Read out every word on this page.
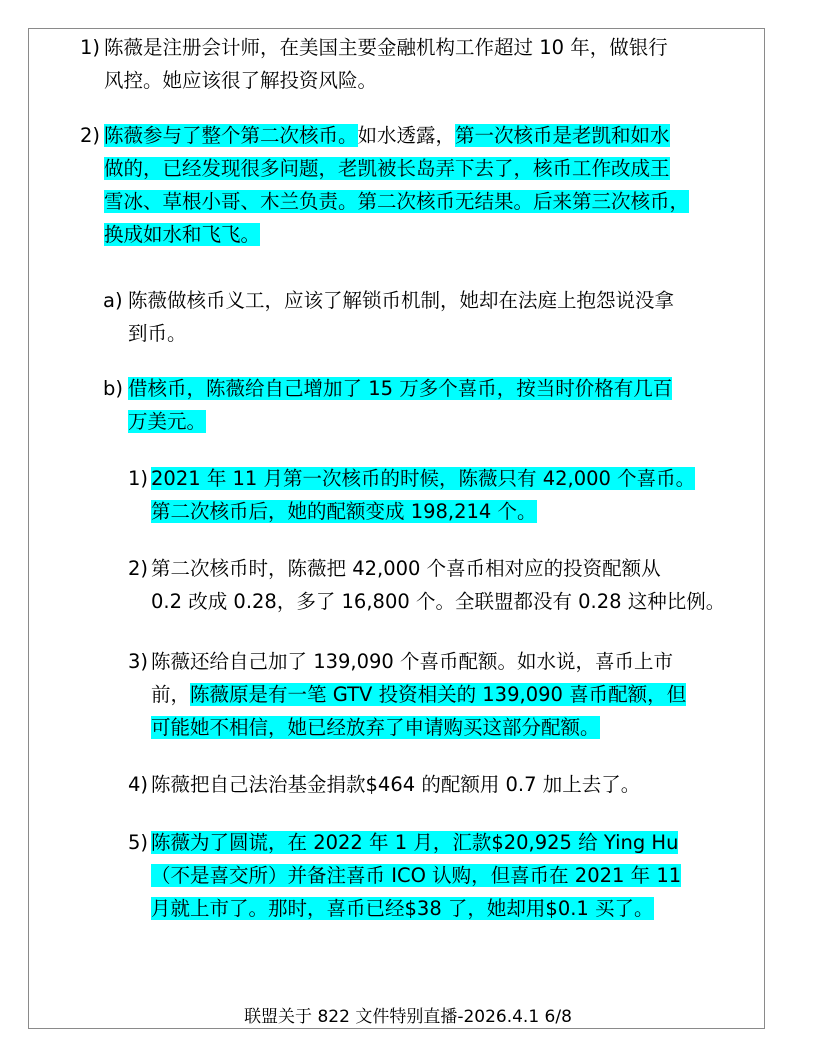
1) 陈薇是注册会计师，在美国主要金融机构工作超过 10 年，做银行
风控。她应该很了解投资风险。
2) 陈薇参与了整个第二次核币。如水透露，第一次核币是老凯和如水
做的，已经发现很多问题，老凯被长岛弄下去了，核币工作改成王
雪冰、草根小哥、木兰负责。第二次核币无结果。后来第三次核币，
换成如水和飞飞。
a) 陈薇做核币义工，应该了解锁币机制，她却在法庭上抱怨说没拿
到币。
b) 借核币，陈薇给自己增加了 15 万多个喜币，按当时价格有几百
万美元。
1) 2021 年 11 月第一次核币的时候，陈薇只有 42,000 个喜币。
第二次核币后，她的配额变成 198,214 个。
2) 第二次核币时，陈薇把 42,000 个喜币相对应的投资配额从
0.2 改成 0.28，多了 16,800 个。全联盟都没有 0.28 这种比例。
3) 陈薇还给自己加了 139,090 个喜币配额。如水说，喜币上市
前，陈薇原是有一笔 GTV 投资相关的 139,090 喜币配额，但
可能她不相信，她已经放弃了申请购买这部分配额。
4) 陈薇把自己法治基金捐款$464 的配额用 0.7 加上去了。
5) 陈薇为了圆谎，在 2022 年 1 月，汇款$20,925 给 Ying Hu
（不是喜交所）并备注喜币 ICO 认购，但喜币在 2021 年 11
月就上市了。那时，喜币已经$38 了，她却用$0.1 买了。
联盟关于 822 文件特别直播-2026.4.1 6/8
